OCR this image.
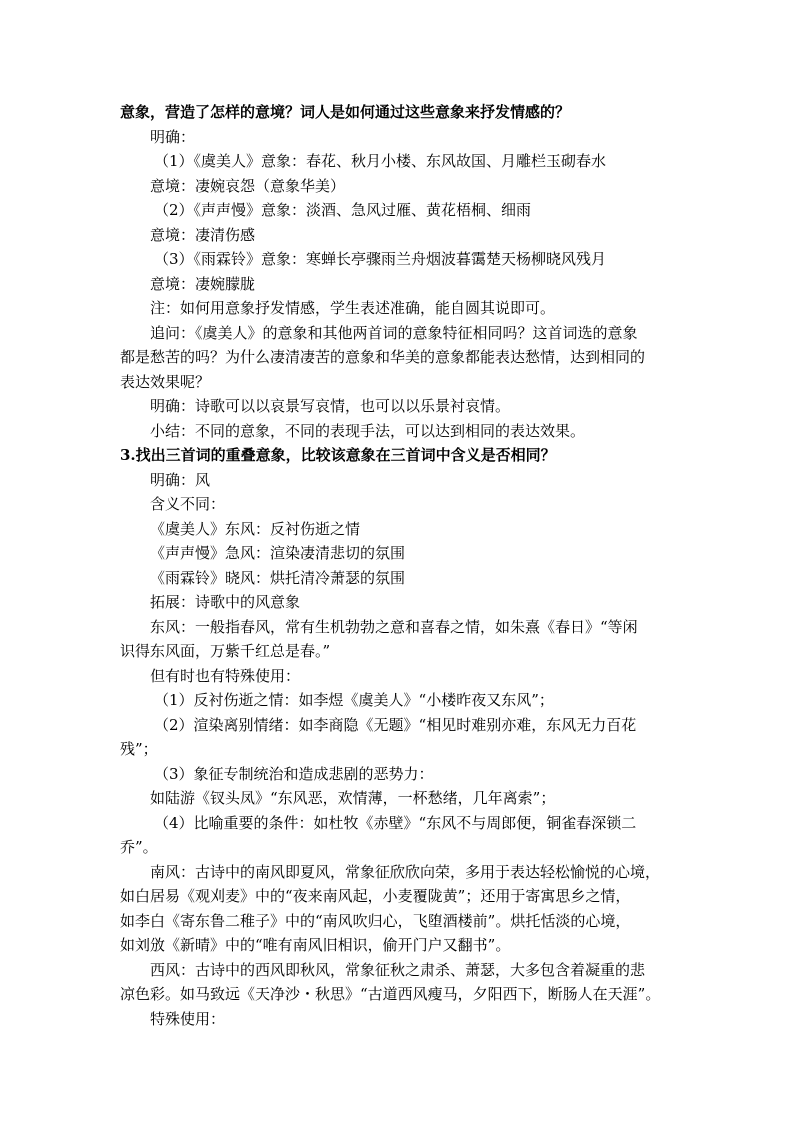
意象，营造了怎样的意境？词人是如何通过这些意象来抒发情感的？
明确：
（1）《虞美人》意象：春花、秋月小楼、东风故国、月雕栏玉砌春水
意境：凄婉哀怨（意象华美）
（2）《声声慢》意象：淡酒、急风过雁、黄花梧桐、细雨
意境：凄清伤感
（3）《雨霖铃》意象：寒蝉长亭骤雨兰舟烟波暮霭楚天杨柳晓风残月
意境：凄婉朦胧
注：如何用意象抒发情感，学生表述准确，能自圆其说即可。
追问：《虞美人》的意象和其他两首词的意象特征相同吗？这首词选的意象
都是愁苦的吗？为什么凄清凄苦的意象和华美的意象都能表达愁情，达到相同的
表达效果呢？
明确：诗歌可以以哀景写哀情，也可以以乐景衬哀情。
小结：不同的意象，不同的表现手法，可以达到相同的表达效果。
3.找出三首词的重叠意象，比较该意象在三首词中含义是否相同？
明确：风
含义不同：
《虞美人》东风：反衬伤逝之情
《声声慢》急风：渲染凄清悲切的氛围
《雨霖铃》晓风：烘托清冷萧瑟的氛围
拓展：诗歌中的风意象
东风：一般指春风，常有生机勃勃之意和喜春之情，如朱熹《春日》“等闲
识得东风面，万紫千红总是春。”
但有时也有特殊使用：
（1）反衬伤逝之情：如李煜《虞美人》“小楼昨夜又东风”；
（2）渲染离别情绪：如李商隐《无题》“相见时难别亦难，东风无力百花
残”；
（3）象征专制统治和造成悲剧的恶势力：
如陆游《钗头凤》“东风恶，欢情薄，一杯愁绪，几年离索”；
（4）比喻重要的条件：如杜牧《赤壁》“东风不与周郎便，铜雀春深锁二
乔”。
南风：古诗中的南风即夏风，常象征欣欣向荣，多用于表达轻松愉悦的心境，
如白居易《观刈麦》中的“夜来南风起，小麦覆陇黄”；还用于寄寓思乡之情，
如李白《寄东鲁二稚子》中的“南风吹归心，飞堕酒楼前”。烘托恬淡的心境，
如刘攽《新晴》中的“唯有南风旧相识，偷开门户又翻书”。
西风：古诗中的西风即秋风，常象征秋之肃杀、萧瑟，大多包含着凝重的悲
凉色彩。如马致远《天净沙・秋思》“古道西风瘦马，夕阳西下，断肠人在天涯”。
特殊使用：
